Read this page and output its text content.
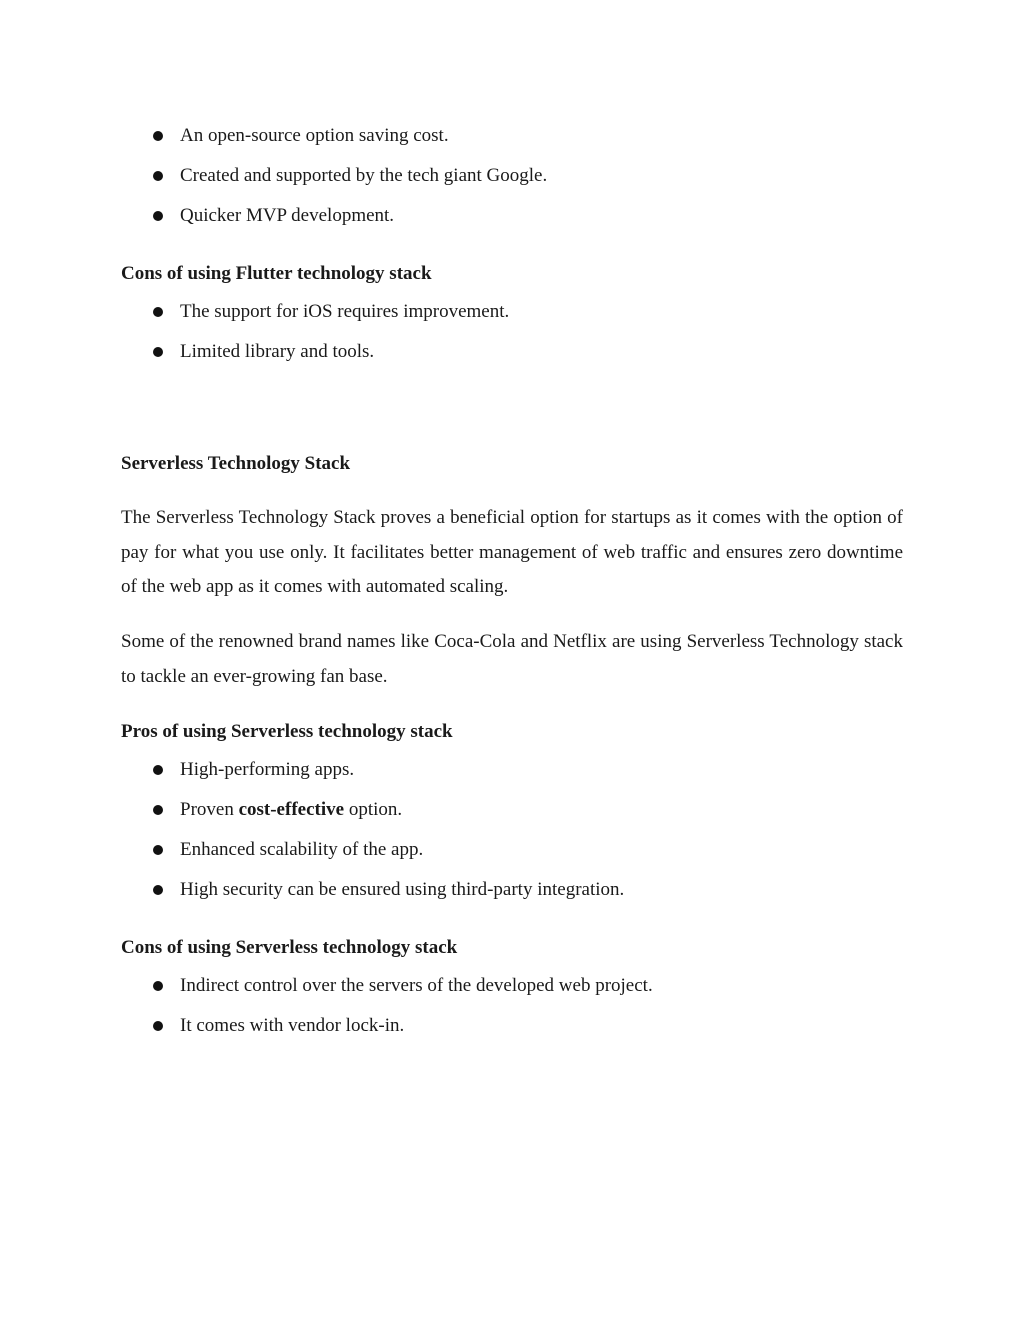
An open-source option saving cost.
Created and supported by the tech giant Google.
Quicker MVP development.
Cons of using Flutter technology stack
The support for iOS requires improvement.
Limited library and tools.
Serverless Technology Stack

The Serverless Technology Stack proves a beneficial option for startups as it comes with the option of pay for what you use only. It facilitates better management of web traffic and ensures zero downtime of the web app as it comes with automated scaling.

Some of the renowned brand names like Coca-Cola and Netflix are using Serverless Technology stack to tackle an ever-growing fan base.

Pros of using Serverless technology stack
High-performing apps.
Proven cost-effective option.
Enhanced scalability of the app.
High security can be ensured using third-party integration.
Cons of using Serverless technology stack
Indirect control over the servers of the developed web project.
It comes with vendor lock-in.
